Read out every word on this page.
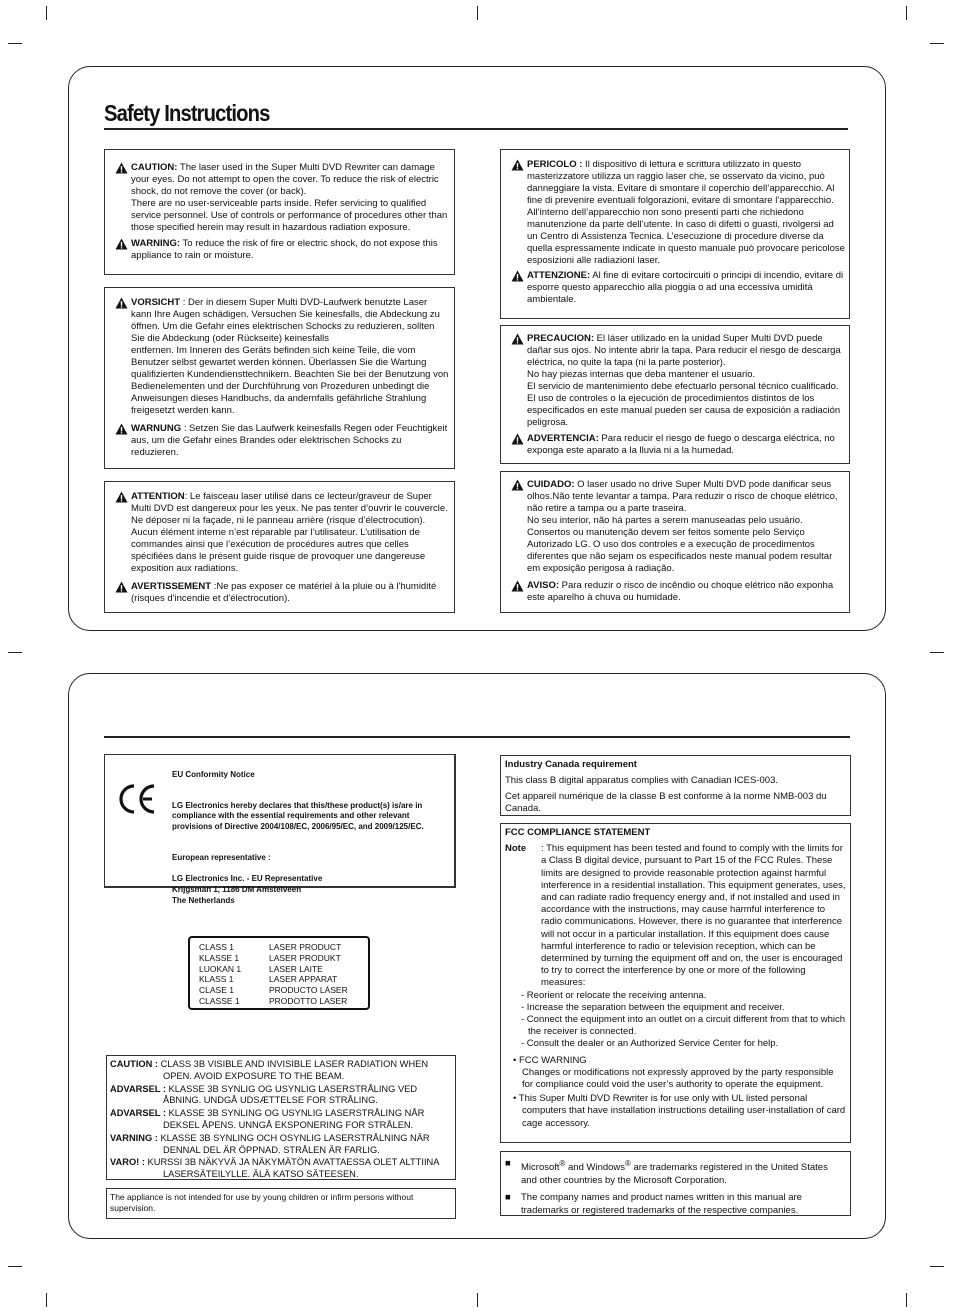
Safety Instructions

CAUTION: The laser used in the Super Multi DVD Rewriter can damage your eyes. Do not attempt to open the cover. To reduce the risk of electric shock, do not remove the cover (or back).
There are no user-serviceable parts inside. Refer servicing to qualified service personnel. Use of controls or performance of procedures other than those specified herein may result in hazardous radiation exposure.

WARNING: To reduce the risk of fire or electric shock, do not expose this appliance to rain or moisture.

VORSICHT : Der in diesem Super Multi DVD-Laufwerk benutzte Laser kann Ihre Augen schädigen. Versuchen Sie keinesfalls, die Abdeckung zu öffnen. Um die Gefahr eines elektrischen Schocks zu reduzieren, sollten Sie die Abdeckung (oder Rückseite) keinesfalls
entfernen. Im Inneren des Geräts befinden sich keine Teile, die vom Benutzer selbst gewartet werden können. Überlassen Sie die Wartung qualifizierten Kundendiensttechnikern. Beachten Sie bei der Benutzung von Bedienelementen und der Durchführung von Prozeduren unbedingt die Anweisungen dieses Handbuchs, da andernfalls gefährliche Strahlung freigesetzt werden kann.

WARNUNG : Setzen Sie das Laufwerk keinesfalls Regen oder Feuchtigkeit aus, um die Gefahr eines Brandes oder elektrischen Schocks zu reduzieren.

ATTENTION: Le faisceau laser utilisé dans ce lecteur/graveur de Super Multi DVD est dangereux pour les yeux. Ne pas tenter d’ouvrir le couvercle. Ne déposer ni la façade, ni le panneau arrière (risque d’électrocution). Aucun élément interne n’est réparable par l’utilisateur. L’utilisation de commandes ainsi que l’exécution de procédures autres que celles spécifiées dans le présent guide risque de provoquer une dangereuse exposition aux radiations.

AVERTISSEMENT :Ne pas exposer ce matériel à la pluie ou à l'humidité (risques d'incendie et d'électrocution).

PERICOLO : Il dispositivo di lettura e scrittura utilizzato in questo masterizzatore utilizza un raggio laser che, se osservato da vicino, può danneggiare la vista. Evitare di smontare il coperchio dell’apparecchio. Al fine di prevenire eventuali folgorazioni, evitare di smontare l’apparecchio. All’interno dell’apparecchio non sono presenti parti che richiedono manutenzione da parte dell’utente. In caso di difetti o guasti, rivolgersi ad un Centro di Assistenza Tecnica. L’esecuzione di procedure diverse da quella espressamente indicate in questo manuale può provocare pericolose esposizioni alle radiazioni laser.

ATTENZIONE: Al fine di evitare cortocircuiti o principi di incendio, evitare di esporre questo apparecchio alla pioggia o ad una eccessiva umidità ambientale.

PRECAUCION: El láser utilizado en la unidad Super Multi DVD puede dañar sus ojos. No intente abrir la tapa. Para reducir el riesgo de descarga eléctrica, no quite la tapa (ni la parte posterior).
No hay piezas internas que deba mantener el usuario.
El servicio de mantenimiento debe efectuarlo personal técnico cualificado. El uso de controles o la ejecución de procedimientos distintos de los especificados en este manual pueden ser causa de exposición a radiación peligrosa.

ADVERTENCIA: Para reducir el riesgo de fuego o descarga eléctrica, no exponga este aparato a la lluvia ni a la humedad.

CUIDADO: O laser usado no drive Super Multi DVD pode danificar seus olhos.Não tente levantar a tampa. Para reduzir o risco de choque elétrico, não retire a tampa ou a parte traseira.
No seu interior, não há partes a serem manuseadas pelo usuário. Consertos ou manutenção devem ser feitos somente pelo Serviço Autorizado LG. O uso dos controles e a execução de procedimentos diferentes que não sejam os especificados neste manual podem resultar em exposição perigosa à radiação.

AVISO: Para reduzir o risco de incêndio ou choque elétrico não exponha este aparelho à chuva ou humidade.

EU Conformity Notice

LG Electronics hereby declares that this/these product(s) is/are in compliance with the essential requirements and other relevant provisions of Directive 2004/108/EC, 2006/95/EC, and 2009/125/EC.

European representative :

LG Electronics Inc. - EU Representative
Krijgsman 1, 1186 DM Amstelveen
The Netherlands

CLASS 1	LASER PRODUCT
KLASSE 1	LASER PRODUKT
LUOKAN 1	LASER LAITE
KLASS 1	LASER APPARAT
CLASE 1	PRODUCTO LÁSER
CLASSE 1	PRODOTTO LASER

CAUTION : CLASS 3B VISIBLE AND INVISIBLE LASER RADIATION WHEN OPEN. AVOID EXPOSURE TO THE BEAM.

ADVARSEL : KLASSE 3B SYNLIG OG USYNLIG LASERSTRÅLING VED ÅBNING. UNDGÅ UDSÆTTELSE FOR STRÅLING.

ADVARSEL : KLASSE 3B SYNLING OG USYNLIG LASERSTRÅLING NÅR DEKSEL ÅPENS. UNNGÅ EKSPONERING FOR STRÅLEN.

VARNING : KLASSE 3B SYNLING OCH OSYNLIG LASERSTRÅLNING NÄR DENNAL DEL ÄR ÖPPNAD. STRÅLEN ÄR FARLIG.

VARO! : KURSSI 3B NÄKYVÄ JA NÄKYMÄTÖN AVATTAESSA OLET ALTTIINA LASERSÄTEILYLLE. ÄLÄ KATSO SÄTEESEN.

The appliance is not intended for use by young children or infirm persons without supervision.
Industry Canada requirement
This class B digital apparatus complies with Canadian ICES-003.
Cet appareil numérique de la classe B est conforme à la norme NMB-003 du Canada.
FCC COMPLIANCE STATEMENT
Note	: This equipment has been tested and found to comply with the limits for a Class B digital device, pursuant to Part 15 of the FCC Rules. These limits are designed to provide reasonable protection against harmful interference in a residential installation. This equipment generates, uses, and can radiate radio frequency energy and, if not installed and used in accordance with the instructions, may cause harmful interference to radio communications. However, there is no guarantee that interference will not occur in a particular installation. If this equipment does cause harmful interference to radio or television reception, which can be determined by turning the equipment off and on, the user is encouraged to try to correct the interference by one or more of the following measures:
- Reorient or relocate the receiving antenna.
- Increase the separation between the equipment and receiver.
- Connect the equipment into an outlet on a circuit different from that to which the receiver is connected.
- Consult the dealer or an Authorized Service Center for help.
• FCC WARNING
Changes or modifications not expressly approved by the party responsible for compliance could void the user’s authority to operate the equipment.
• This Super Multi DVD Rewriter is for use only with UL listed personal computers that have installation instructions detailing user-installation of card cage accessory.
■	Microsoft® and Windows® are trademarks registered in the United States and other countries by the Microsoft Corporation.
■	The company names and product names written in this manual are trademarks or registered trademarks of the respective companies.
